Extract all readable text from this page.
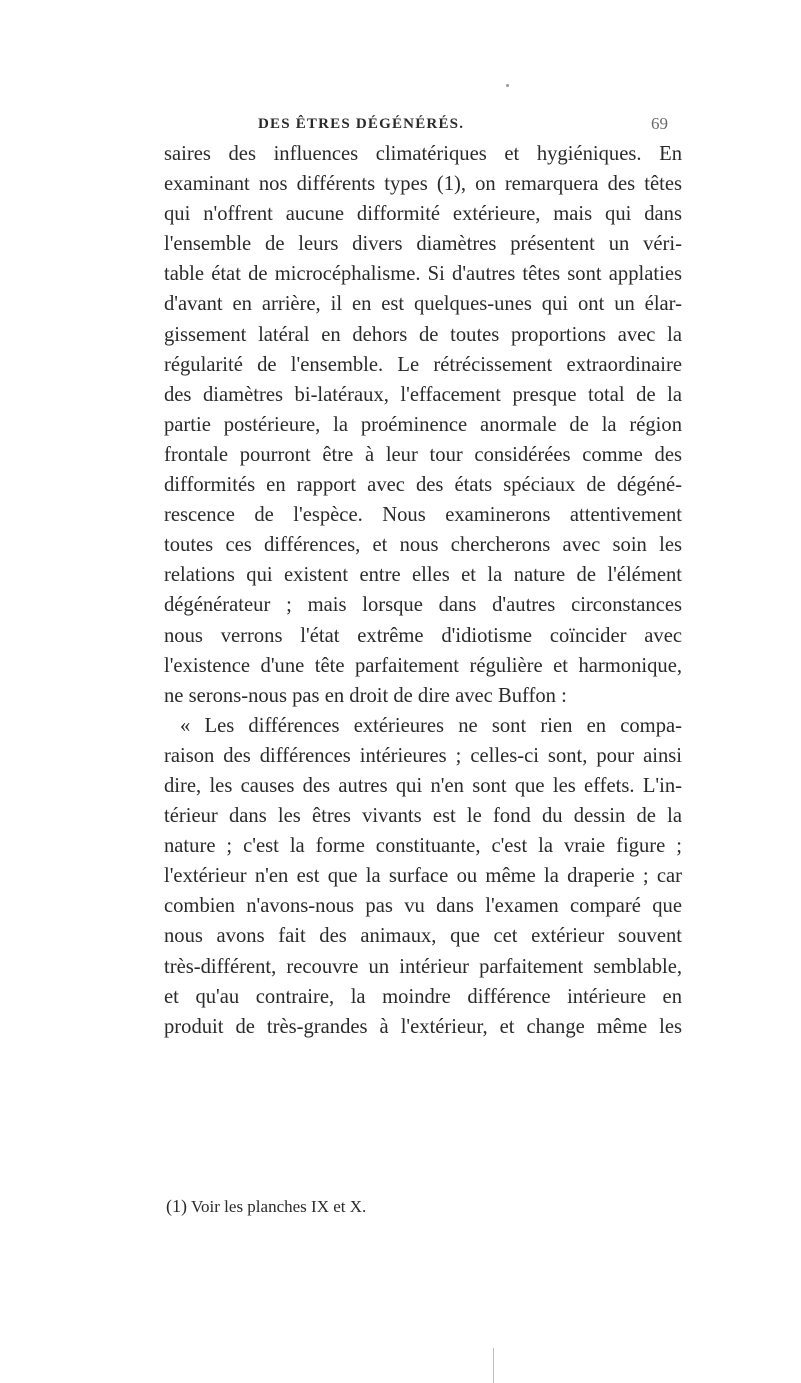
DES ÊTRES DÉGÉNÉRÉS.	69
saires des influences climatériques et hygiéniques. En
examinant nos différents types (1), on remarquera des têtes
qui n'offrent aucune difformité extérieure, mais qui dans
l'ensemble de leurs divers diamètres présentent un véri-
table état de microcéphalisme. Si d'autres têtes sont applaties
d'avant en arrière, il en est quelques-unes qui ont un élar-
gissement latéral en dehors de toutes proportions avec la
régularité de l'ensemble. Le rétrécissement extraordinaire
des diamètres bi-latéraux, l'effacement presque total de la
partie postérieure, la proéminence anormale de la région
frontale pourront être à leur tour considérées comme des
difformités en rapport avec des états spéciaux de dégéné-
rescence de l'espèce. Nous examinerons attentivement
toutes ces différences, et nous chercherons avec soin les
relations qui existent entre elles et la nature de l'élément
dégénérateur ; mais lorsque dans d'autres circonstances
nous verrons l'état extrême d'idiotisme coïncider avec
l'existence d'une tête parfaitement régulière et harmonique,
ne serons-nous pas en droit de dire avec Buffon :
« Les différences extérieures ne sont rien en compa-
raison des différences intérieures ; celles-ci sont, pour ainsi
dire, les causes des autres qui n'en sont que les effets. L'in-
térieur dans les êtres vivants est le fond du dessin de la
nature ; c'est la forme constituante, c'est la vraie figure ;
l'extérieur n'en est que la surface ou même la draperie ; car
combien n'avons-nous pas vu dans l'examen comparé que
nous avons fait des animaux, que cet extérieur souvent
très-différent, recouvre un intérieur parfaitement semblable,
et qu'au contraire, la moindre différence intérieure en
produit de très-grandes à l'extérieur, et change même les
(1) Voir les planches IX et X.
